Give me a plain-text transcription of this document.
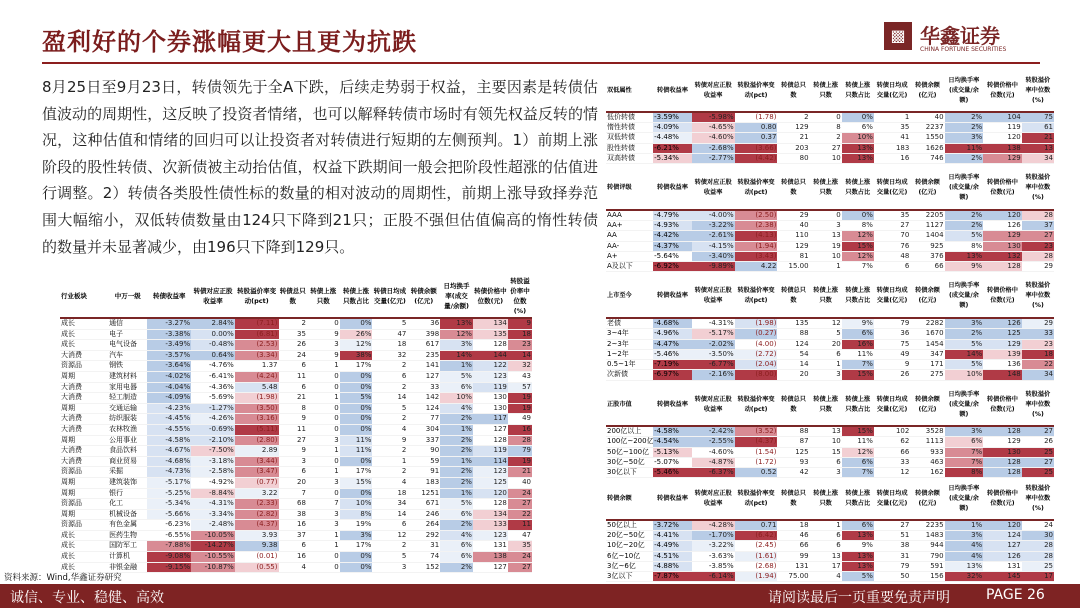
盈利好的个券涨幅更大且更为抗跌	▩ 华鑫证券
CHINA FORTUNE SECURITIES
8月25日至9月23日，转债领先于全A下跌，后续走势弱于权益，主要因素是转债估值波动的周期性，这反映了投资者情绪，也可以解释转债市场时有领先权益反转的情况，这种估值和情绪的回归可以让投资者对转债进行短期的左侧预判。1）前期上涨阶段的股性转债、次新债被主动抬估值，权益下跌期间一般会把阶段性超涨的估值进行调整。2）转债各类股性债性标的数量的相对波动的周期性，前期上涨导致择券范围大幅缩小，双低转债数量由124只下降到21只；正股不强但估值偏高的惰性转债的数量并未显著减少，由196只下降到129只。
行业板块	中万一级	转债收益率	转债对应正股收益率	转股溢价率变动(pct)	转债总只数	转债上涨只数	转债上涨只数占比	转债日均成交量(亿元)	转债余额(亿元)	日均换手率(成交量/余额)	转债价格中位数(元)	转股溢价率中位数(%)
成长	通信	-3.27%	2.84%	(7.11)	2	0	0%	5	36	13%	134	9
成长	电子	-3.38%	0.00%	(6.81)	35	9	26%	47	398	12%	135	18
成长	电气设备	-3.49%	-0.48%	(2.53)	26	3	12%	18	617	3%	128	23
大消费	汽车	-3.57%	0.64%	(3.34)	24	9	38%	32	235	14%	144	14
资源品	钢铁	-3.64%	-4.76%	1.37	6	1	17%	2	141	1%	122	32
周期	建筑材料	-4.02%	-6.41%	(4.24)	11	0	0%	6	127	5%	123	43
大消费	家用电器	-4.04%	-4.36%	5.48	6	0	0%	2	33	6%	119	57
大消费	轻工制造	-4.09%	-5.69%	(1.98)	21	1	5%	14	142	10%	130	19
周期	交通运输	-4.23%	-1.27%	(3.50)	8	0	0%	5	124	4%	130	19
大消费	纺织服装	-4.45%	-4.26%	(3.16)	9	0	0%	2	77	2%	117	49
大消费	农林牧渔	-4.55%	-0.69%	(5.11)	11	0	0%	4	304	1%	127	16
周期	公用事业	-4.58%	-2.10%	(2.80)	27	3	11%	9	337	2%	128	28
大消费	食品饮料	-4.67%	-7.50%	2.89	9	1	11%	2	90	2%	119	79
大消费	商业贸易	-4.68%	-3.18%	(3.44)	3	0	0%	1	59	1%	114	19
资源品	采掘	-4.73%	-2.58%	(3.47)	6	1	17%	2	91	2%	123	21
周期	建筑装饰	-5.17%	-4.92%	(0.77)	20	3	15%	4	183	2%	125	40
周期	银行	-5.25%	-8.84%	3.22	7	0	0%	18	1251	1%	120	24
资源品	化工	-5.34%	-4.31%	(2.33)	68	7	10%	34	671	5%	128	27
周期	机械设备	-5.66%	-3.34%	(2.82)	38	3	8%	14	246	6%	134	22
资源品	有色金属	-6.23%	-2.48%	(4.37)	16	3	19%	6	264	2%	133	11
成长	医药生物	-6.55%	-10.05%	3.93	37	1	3%	12	292	4%	123	47
成长	国防军工	-7.88%	-14.27%	9.38	6	1	17%	2	31	6%	131	35
成长	计算机	-9.08%	-10.55%	(0.01)	16	0	0%	5	74	6%	138	24
成长	非银金融	-9.15%	-10.87%	(0.55)	4	0	0%	3	152	2%	127	27
双低属性	转债收益率	转债对应正股收益率	转股溢价率变动(pct)	转债总只数	转债上涨只数	转债上涨只数占比	转债日均成交量(亿元)	转债余额(亿元)	日均换手率(成交量/余额)	转债价格中位数(元)	转股溢价率中位数(%)
低价转债	-3.59%	-5.98%	(1.78)	2	0	0%	1	40	2%	104	75
惰性转债	-4.09%	-4.65%	0.80	129	8	6%	35	2237	2%	119	61
双低转债	-4.48%	-4.60%	0.37	21	2	10%	41	1550	3%	120	21
股性转债	-6.21%	-2.68%	(3.66)	203	27	13%	183	1626	11%	138	13
双高转债	-5.34%	-2.77%	(4.42)	80	10	13%	16	746	2%	129	34
转债评级	转债收益率	转债对应正股收益率	转股溢价率变动(pct)	转债总只数	转债上涨只数	转债上涨只数占比	转债日均成交量(亿元)	转债余额(亿元)	日均换手率(成交量/余额)	转债价格中位数(元)	转股溢价率中位数(%)
AAA	-4.79%	-4.00%	(2.50)	29	0	0%	35	2205	2%	120	28
AA+	-4.93%	-3.22%	(2.38)	40	3	8%	27	1127	2%	126	37
AA	-4.42%	-2.61%	(4.13)	110	13	12%	70	1404	5%	129	27
AA-	-4.37%	-4.15%	(1.94)	129	19	15%	76	925	8%	130	23
A+	-5.64%	-3.40%	(3.43)	81	10	12%	48	376	13%	132	28
A及以下	-6.92%	-9.89%	4.22	15.00	1	7%	6	66	9%	128	29
上市至今	转债收益率	转债对应正股收益率	转股溢价率变动(pct)	转债总只数	转债上涨只数	转债上涨只数占比	转债日均成交量(亿元)	转债余额(亿元)	日均换手率(成交量/余额)	转债价格中位数(元)	转股溢价率中位数(%)
老债	-4.68%	-4.31%	(1.98)	135	12	9%	79	2282	3%	126	29
3~4年	-4.96%	-5.17%	(0.27)	88	5	6%	36	1670	2%	125	33
2~3年	-4.47%	-2.02%	(4.00)	124	20	16%	75	1454	5%	129	23
1~2年	-5.46%	-3.50%	(2.72)	54	6	11%	49	347	14%	139	18
0.5~1年	-7.19%	-6.77%	(2.04)	14	1	7%	9	171	5%	136	22
次新债	-6.97%	-2.16%	(8.00)	20	3	15%	26	275	10%	148	34
正股市值	转债收益率	转债对应正股收益率	转股溢价率变动(pct)	转债总只数	转债上涨只数	转债上涨只数占比	转债日均成交量(亿元)	转债余额(亿元)	日均换手率(成交量/余额)	转债价格中位数(元)	转股溢价率中位数(%)
200亿以上	-4.58%	-2.42%	(3.52)	88	13	15%	102	3528	3%	128	27
100亿~200亿	-4.54%	-2.55%	(4.37)	87	10	11%	62	1113	6%	129	26
50亿~100亿	-5.13%	-4.60%	(1.54)	125	15	12%	66	933	7%	130	25
30亿~50亿	-5.07%	-4.87%	(1.72)	93	6	6%	33	463	7%	128	27
30亿以下	-5.46%	-6.37%	0.52	42	3	7%	12	162	8%	128	25
转债余额	转债收益率	转债对应正股收益率	转股溢价率变动(pct)	转债总只数	转债上涨只数	转债上涨只数占比	转债日均成交量(亿元)	转债余额(亿元)	日均换手率(成交量/余额)	转债价格中位数(元)	转股溢价率中位数(%)
50亿以上	-3.72%	-4.28%	0.71	18	1	6%	27	2235	1%	120	24
20亿~50亿	-4.41%	-1.70%	(6.42)	46	6	13%	51	1483	3%	124	30
10亿~20亿	-4.49%	-3.22%	(2.45)	66	6	9%	38	944	4%	127	28
6亿~10亿	-4.51%	-3.63%	(1.61)	99	13	13%	31	790	4%	126	28
3亿~6亿	-4.88%	-3.85%	(2.68)	131	17	13%	79	591	13%	131	25
3亿以下	-7.87%	-6.14%	(1.94)	75.00	4	5%	50	156	32%	145	17
资料来源：Wind,华鑫证券研究
诚信、专业、稳健、高效	请阅读最后一页重要免责声明	PAGE 26
